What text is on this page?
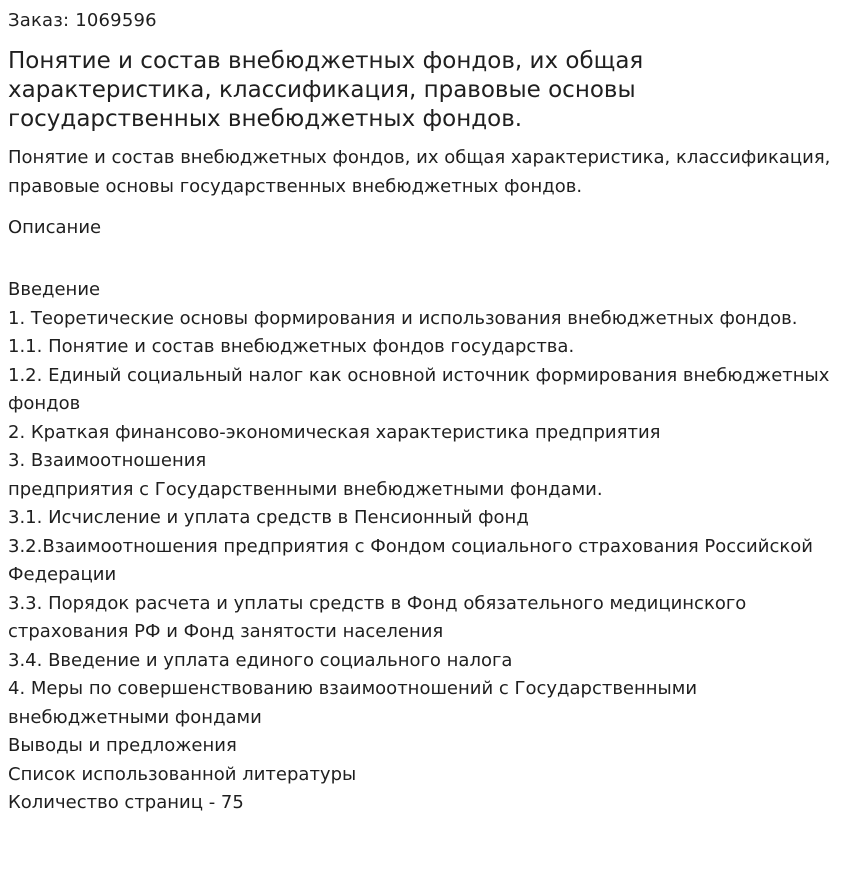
Заказ: 1069596
Понятие и состав внебюджетных фондов, их общая характеристика, классификация, правовые основы государственных внебюджетных фондов.

Понятие и состав внебюджетных фондов, их общая характеристика, классификация, правовые основы государственных внебюджетных фондов.

Описание
Введение
1. Теоретические основы формирования и использования внебюджетных фондов.
1.1. Понятие и состав внебюджетных фондов государства.
1.2. Единый социальный налог как основной источник формирования внебюджетных фондов
2. Краткая финансово-экономическая характеристика предприятия
3. Взаимоотношения
предприятия с Государственными внебюджетными фондами.
3.1. Исчисление и уплата средств в Пенсионный фонд
3.2.Взаимоотношения предприятия с Фондом социального страхования Российской Федерации
3.3. Порядок расчета и уплаты средств в Фонд обязательного медицинского страхования РФ и Фонд занятости населения
3.4. Введение и уплата единого социального налога
4. Меры по совершенствованию взаимоотношений с Государственными внебюджетными фондами
Выводы и предложения
Список использованной литературы
Количество страниц - 75
